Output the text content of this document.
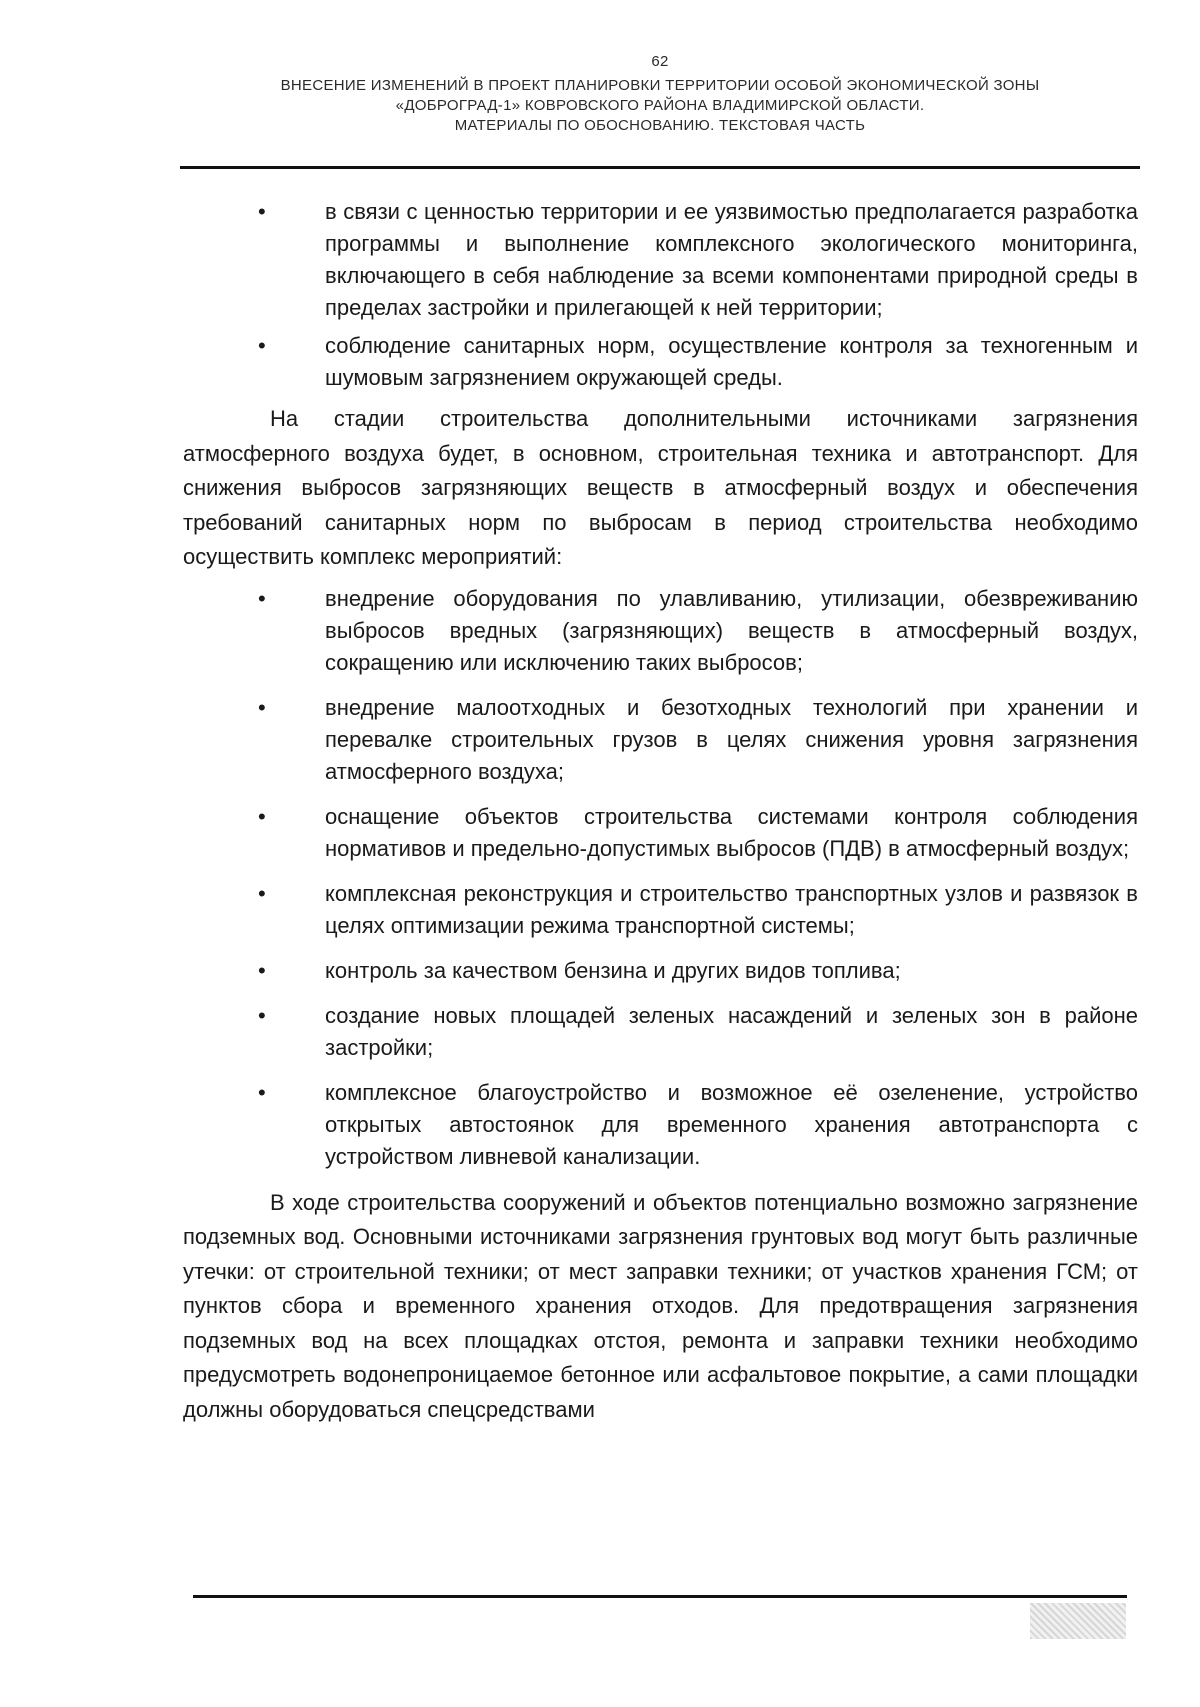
62
ВНЕСЕНИЕ ИЗМЕНЕНИЙ В ПРОЕКТ ПЛАНИРОВКИ ТЕРРИТОРИИ ОСОБОЙ ЭКОНОМИЧЕСКОЙ ЗОНЫ
«ДОБРОГРАД-1» КОВРОВСКОГО РАЙОНА ВЛАДИМИРСКОЙ ОБЛАСТИ.
МАТЕРИАЛЫ ПО ОБОСНОВАНИЮ. ТЕКСТОВАЯ ЧАСТЬ
• в связи с ценностью территории и ее уязвимостью предполагается разработка программы и выполнение комплексного экологического мониторинга, включающего в себя наблюдение за всеми компонентами природной среды в пределах застройки и прилегающей к ней территории;
• соблюдение санитарных норм, осуществление контроля за техногенным и шумовым загрязнением окружающей среды.

На стадии строительства дополнительными источниками загрязнения атмосферного воздуха будет, в основном, строительная техника и автотранспорт. Для снижения выбросов загрязняющих веществ в атмосферный воздух и обеспечения требований санитарных норм по выбросам в период строительства необходимо осуществить комплекс мероприятий:

• внедрение оборудования по улавливанию, утилизации, обезвреживанию выбросов вредных (загрязняющих) веществ в атмосферный воздух, сокращению или исключению таких выбросов;
• внедрение малоотходных и безотходных технологий при хранении и перевалке строительных грузов в целях снижения уровня загрязнения атмосферного воздуха;
• оснащение объектов строительства системами контроля соблюдения нормативов и предельно-допустимых выбросов (ПДВ) в атмосферный воздух;
• комплексная реконструкция и строительство транспортных узлов и развязок в целях оптимизации режима транспортной системы;
• контроль за качеством бензина и других видов топлива;
• создание новых площадей зеленых насаждений и зеленых зон в районе застройки;
• комплексное благоустройство и возможное её озеленение, устройство открытых автостоянок для временного хранения автотранспорта с устройством ливневой канализации.

В ходе строительства сооружений и объектов потенциально возможно загрязнение подземных вод. Основными источниками загрязнения грунтовых вод могут быть различные утечки: от строительной техники; от мест заправки техники; от участков хранения ГСМ; от пунктов сбора и временного хранения отходов. Для предотвращения загрязнения подземных вод на всех площадках отстоя, ремонта и заправки техники необходимо предусмотреть водонепроницаемое бетонное или асфальтовое покрытие, а сами площадки должны оборудоваться спецсредствами
